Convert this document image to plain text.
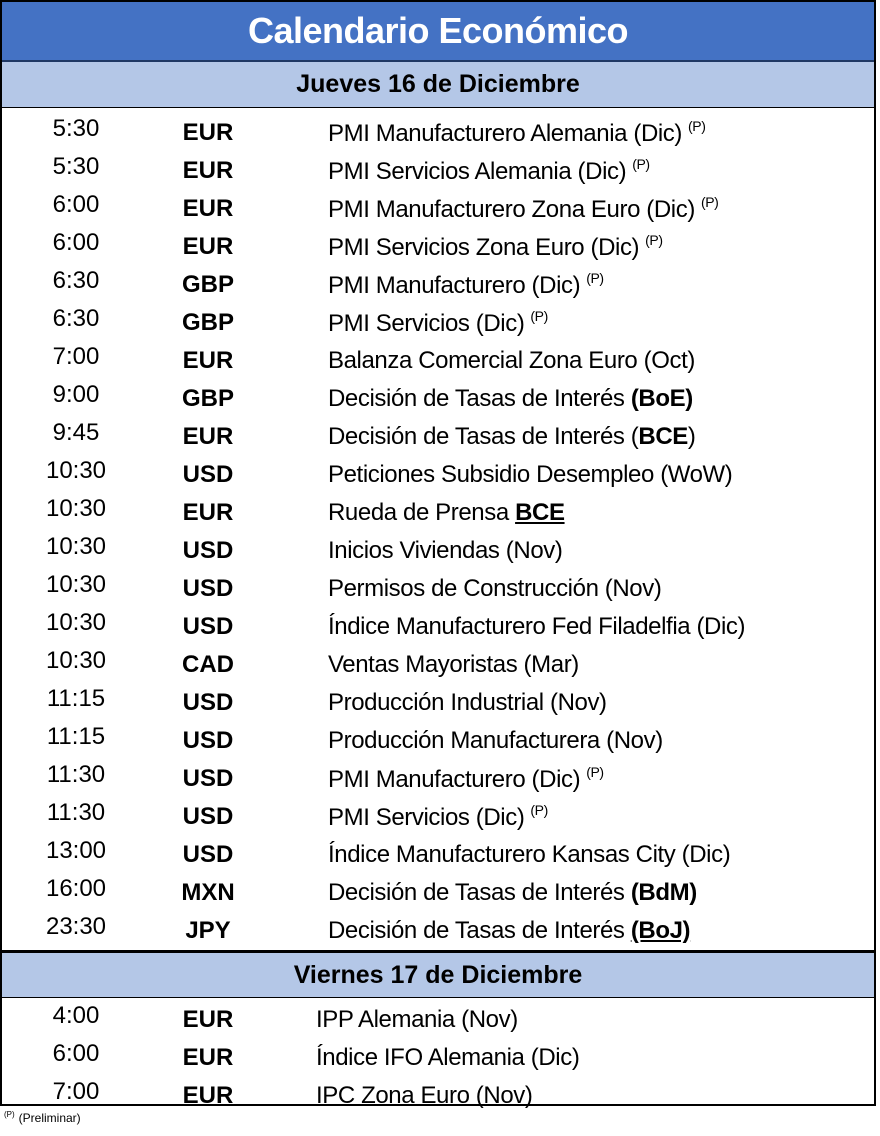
Calendario Económico
Jueves 16 de Diciembre
5:30	EUR	PMI Manufacturero Alemania (Dic) $^{(P)}$
5:30	EUR	PMI Servicios Alemania (Dic) $^{(P)}$
6:00	EUR	PMI Manufacturero Zona Euro (Dic) $^{(P)}$
6:00	EUR	PMI Servicios Zona Euro (Dic) $^{(P)}$
6:30	GBP	PMI Manufacturero (Dic) $^{(P)}$
6:30	GBP	PMI Servicios (Dic) $^{(P)}$
7:00	EUR	Balanza Comercial Zona Euro (Oct)
9:00	GBP	Decisión de Tasas de Interés (BoE)
9:45	EUR	Decisión de Tasas de Interés (BCE)
10:30	USD	Peticiones Subsidio Desempleo (WoW)
10:30	EUR	Rueda de Prensa BCE
10:30	USD	Inicios Viviendas (Nov)
10:30	USD	Permisos de Construcción (Nov)
10:30	USD	Índice Manufacturero Fed Filadelfia (Dic)
10:30	CAD	Ventas Mayoristas (Mar)
11:15	USD	Producción Industrial (Nov)
11:15	USD	Producción Manufacturera (Nov)
11:30	USD	PMI Manufacturero (Dic) $^{(P)}$
11:30	USD	PMI Servicios (Dic) $^{(P)}$
13:00	USD	Índice Manufacturero Kansas City (Dic)
16:00	MXN	Decisión de Tasas de Interés (BdM)
23:30	JPY	Decisión de Tasas de Interés (BoJ)
Viernes 17 de Diciembre
4:00	EUR	IPP Alemania (Nov)
6:00	EUR	Índice IFO Alemania (Dic)
7:00	EUR	IPC Zona Euro (Nov)
$^{(P)}$ (Preliminar)
